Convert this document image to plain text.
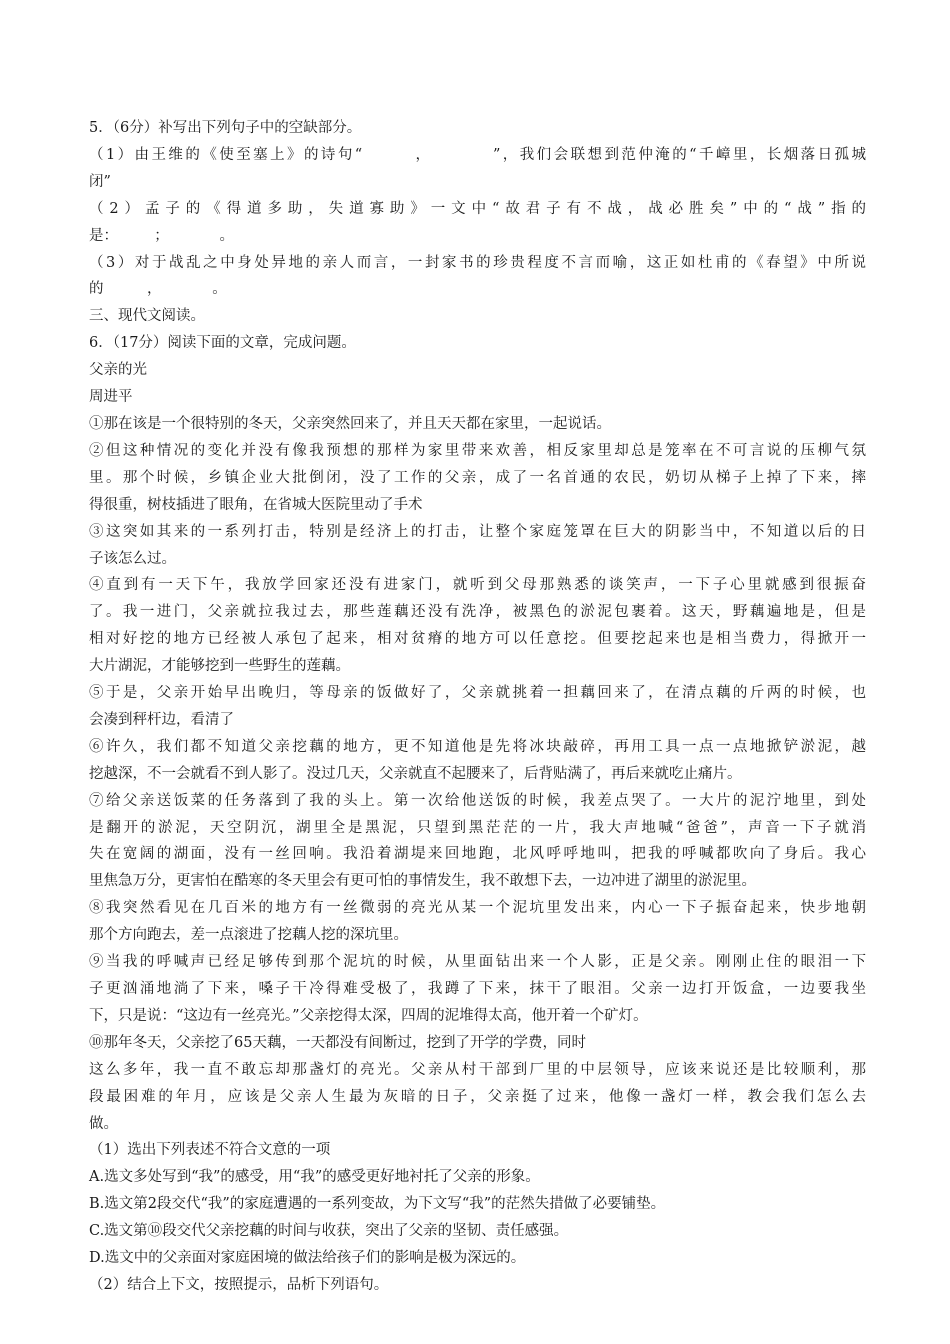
5．（6分）补写出下列句子中的空缺部分。
（1）由王维的《使至塞上》的诗句“　　　，　　　　”，我们会联想到范仲淹的“千嶂里，长烟落日孤城
闭”
（2）孟子的《得道多助，失道寡助》一文中“故君子有不战，战必胜矣”中的“战”指的
是：　　　；　　　　。
（3）对于战乱之中身处异地的亲人而言，一封家书的珍贵程度不言而喻，这正如杜甫的《春望》中所说
的　　　，　　　　。
三、现代文阅读。
6．（17分）阅读下面的文章，完成问题。
父亲的光
周进平
①那在该是一个很特别的冬天，父亲突然回来了，并且天天都在家里，一起说话。
②但这种情况的变化并没有像我预想的那样为家里带来欢善，相反家里却总是笼率在不可言说的压柳气氛
里。那个时候，乡镇企业大批倒闭，没了工作的父亲，成了一名首通的农民，奶切从梯子上掉了下来，摔
得很重，树枝插进了眼角，在省城大医院里动了手术
③这突如其来的一系列打击，特别是经济上的打击，让整个家庭笼罩在巨大的阴影当中，不知道以后的日
子该怎么过。
④直到有一天下午，我放学回家还没有进家门，就听到父母那熟悉的谈笑声，一下子心里就感到很振奋
了。我一进门，父亲就拉我过去，那些莲藕还没有洗净，被黑色的淤泥包裹着。这天，野藕遍地是，但是
相对好挖的地方已经被人承包了起来，相对贫瘠的地方可以任意挖。但要挖起来也是相当费力，得掀开一
大片湖泥，才能够挖到一些野生的莲藕。
⑤于是，父亲开始早出晚归，等母亲的饭做好了，父亲就挑着一担藕回来了，在清点藕的斤两的时候，也
会凑到秤杆边，看清了
⑥许久，我们都不知道父亲挖藕的地方，更不知道他是先将冰块敲碎，再用工具一点一点地掀铲淤泥，越
挖越深，不一会就看不到人影了。没过几天，父亲就直不起腰来了，后背贴满了，再后来就吃止痛片。
⑦给父亲送饭菜的任务落到了我的头上。第一次给他送饭的时候，我差点哭了。一大片的泥泞地里，到处
是翻开的淤泥，天空阴沉，湖里全是黑泥，只望到黑茫茫的一片，我大声地喊“爸爸”，声音一下子就消
失在宽阔的湖面，没有一丝回响。我沿着湖堤来回地跑，北风呼呼地叫，把我的呼喊都吹向了身后。我心
里焦急万分，更害怕在酷寒的冬天里会有更可怕的事情发生，我不敢想下去，一边冲进了湖里的淤泥里。
⑧我突然看见在几百米的地方有一丝微弱的亮光从某一个泥坑里发出来，内心一下子振奋起来，快步地朝
那个方向跑去，差一点滚进了挖藕人挖的深坑里。
⑨当我的呼喊声已经足够传到那个泥坑的时候，从里面钻出来一个人影，正是父亲。刚刚止住的眼泪一下
子更汹涌地淌了下来，嗓子干冷得难受极了，我蹲了下来，抹干了眼泪。父亲一边打开饭盒，一边要我坐
下，只是说：“这边有一丝亮光。”父亲挖得太深，四周的泥堆得太高，他开着一个矿灯。
⑩那年冬天，父亲挖了65天藕，一天都没有间断过，挖到了开学的学费，同时
这么多年，我一直不敢忘却那盏灯的亮光。父亲从村干部到厂里的中层领导，应该来说还是比较顺利，那
段最困难的年月，应该是父亲人生最为灰暗的日子，父亲挺了过来，他像一盏灯一样，教会我们怎么去
做。
（1）选出下列表述不符合文意的一项
A.选文多处写到“我”的感受，用“我”的感受更好地衬托了父亲的形象。
B.选文第2段交代“我”的家庭遭遇的一系列变故，为下文写“我”的茫然失措做了必要铺垫。
C.选文第⑩段交代父亲挖藕的时间与收获，突出了父亲的坚韧、责任感强。
D.选文中的父亲面对家庭困境的做法给孩子们的影响是极为深远的。
（2）结合上下文，按照提示，品析下列语句。
